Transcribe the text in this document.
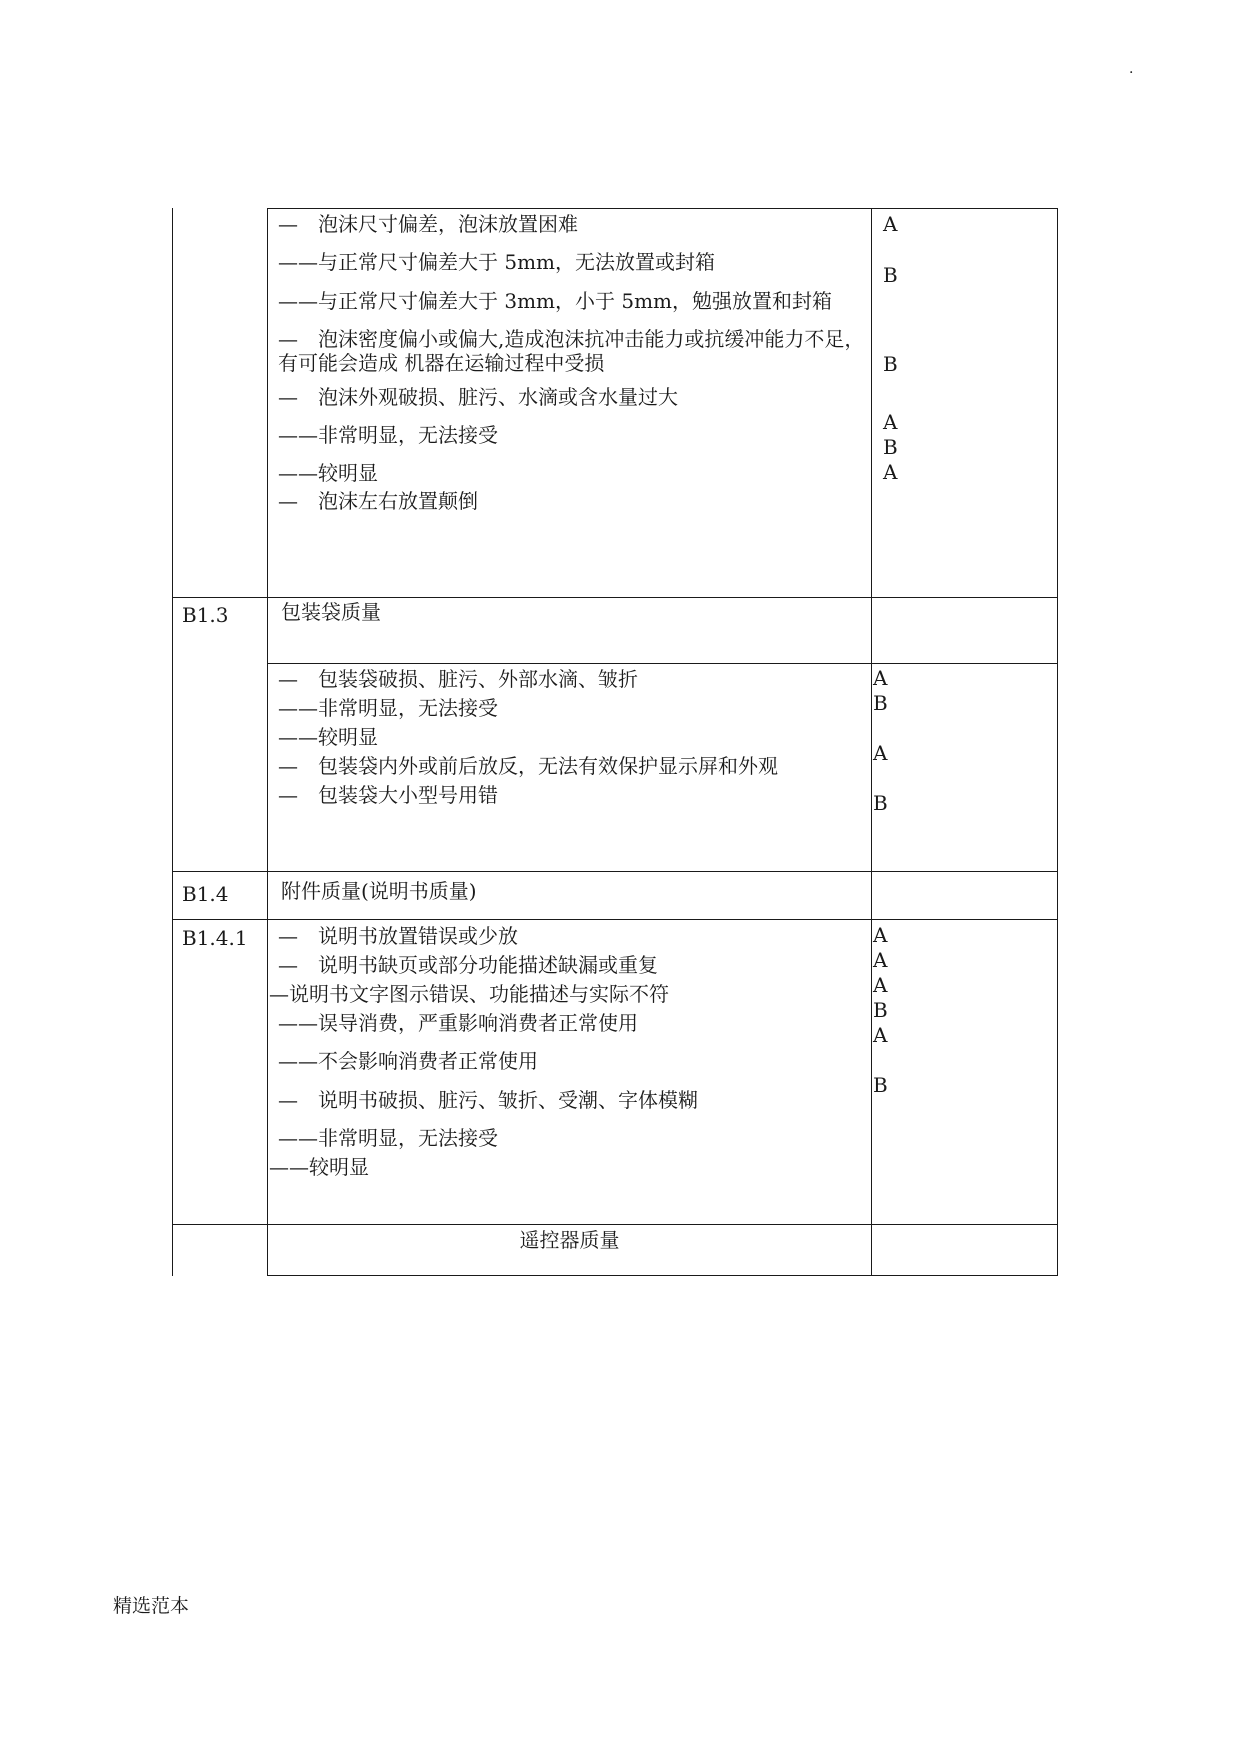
·
—　泡沫尺寸偏差，泡沫放置困难
——与正常尺寸偏差大于 5mm，无法放置或封箱
——与正常尺寸偏差大于 3mm，小于 5mm，勉强放置和封箱
—　泡沫密度偏小或偏大,造成泡沫抗冲击能力或抗缓冲能力不足，有可能会造成 机器在运输过程中受损
—　泡沫外观破损、脏污、水滴或含水量过大
——非常明显，无法接受
——较明显
—　泡沫左右放置颠倒
A
B
B
A
B
A
B1.3	包装袋质量
—　包装袋破损、脏污、外部水滴、皱折
——非常明显，无法接受
——较明显
—　包装袋内外或前后放反，无法有效保护显示屏和外观
—　包装袋大小型号用错
A
B
A
B
B1.4	附件质量(说明书质量)
B1.4.1 —　说明书放置错误或少放
—　说明书缺页或部分功能描述缺漏或重复
—说明书文字图示错误、功能描述与实际不符
——误导消费，严重影响消费者正常使用
——不会影响消费者正常使用
—　说明书破损、脏污、皱折、受潮、字体模糊
——非常明显，无法接受
——较明显
A
A
A
B
A
B
遥控器质量
精选范本
